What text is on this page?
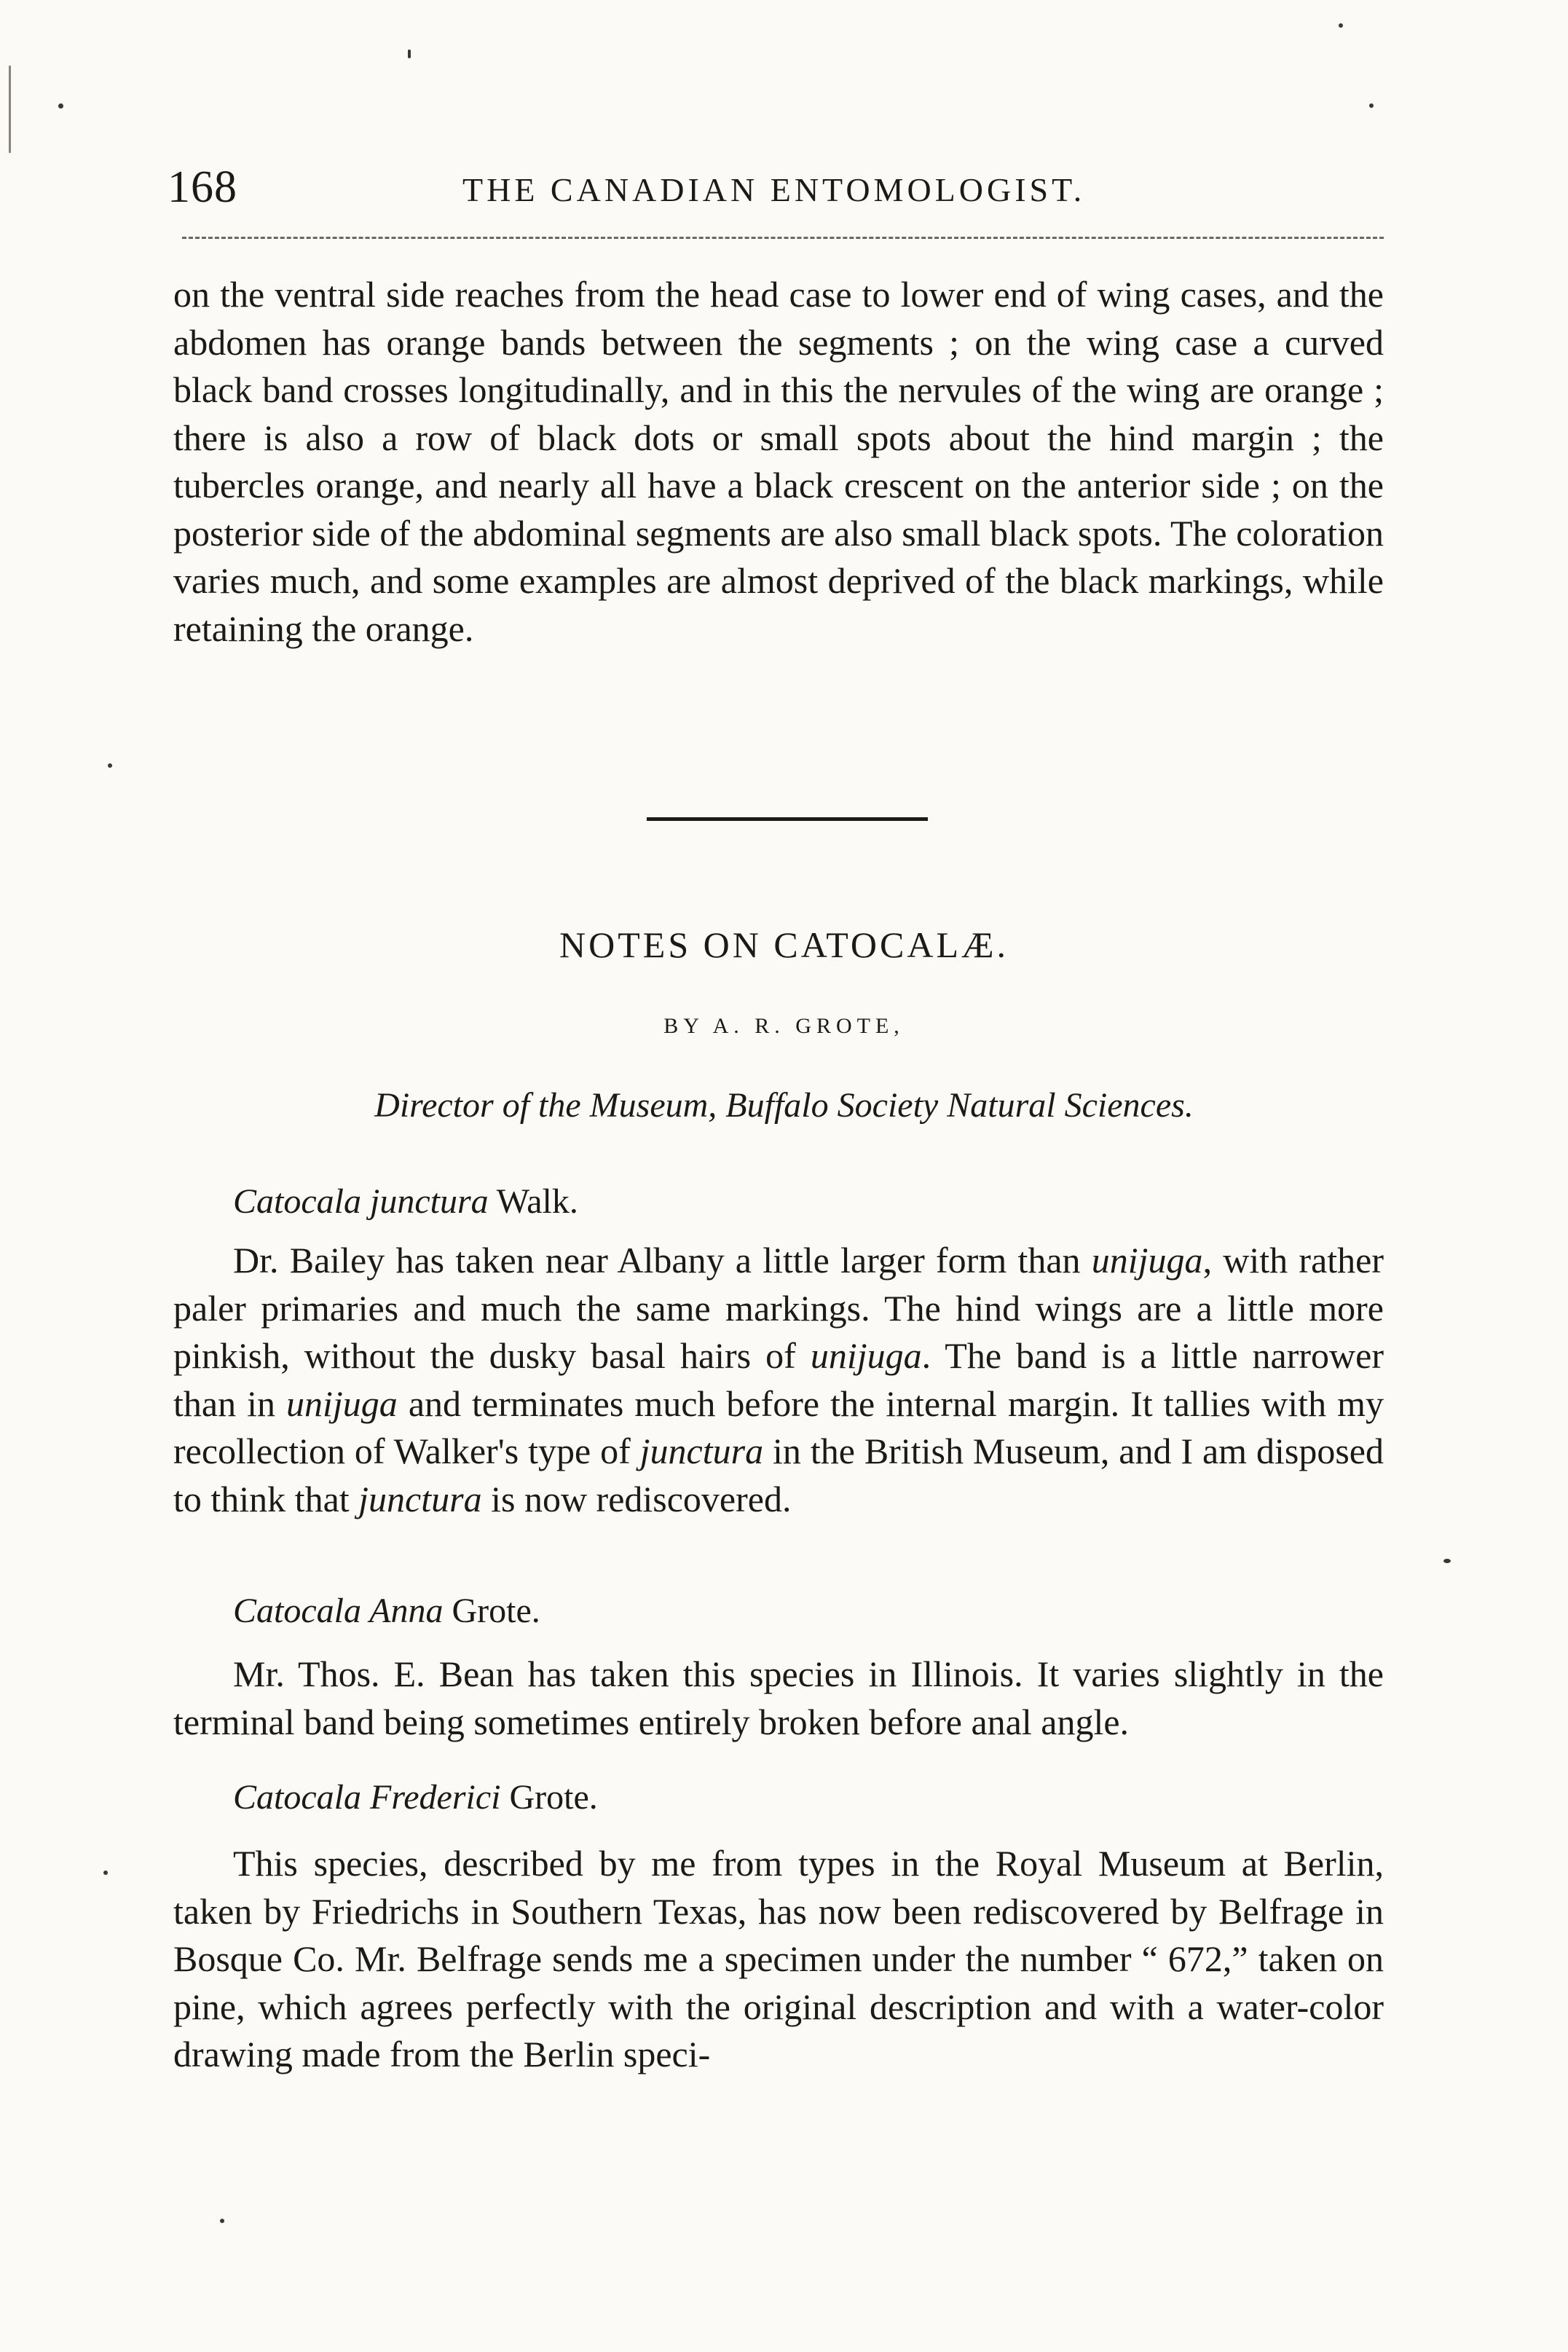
168	THE CANADIAN ENTOMOLOGIST.

on the ventral side reaches from the head case to lower end of wing cases, and the abdomen has orange bands between the segments ; on the wing case a curved black band crosses longitudinally, and in this the nervules of the wing are orange ; there is also a row of black dots or small spots about the hind margin ; the tubercles orange, and nearly all have a black crescent on the anterior side ; on the posterior side of the abdominal segments are also small black spots. The coloration varies much, and some examples are almost deprived of the black markings, while retaining the orange.

NOTES ON CATOCALÆ.
BY A. R. GROTE,
Director of the Museum, Buffalo Society Natural Sciences.
Catocala junctura Walk.

Dr. Bailey has taken near Albany a little larger form than unijuga, with rather paler primaries and much the same markings. The hind wings are a little more pinkish, without the dusky basal hairs of unijuga. The band is a little narrower than in unijuga and terminates much before the internal margin. It tallies with my recollection of Walker's type of junctura in the British Museum, and I am disposed to think that junctura is now rediscovered.

Catocala Anna Grote.

Mr. Thos. E. Bean has taken this species in Illinois. It varies slightly in the terminal band being sometimes entirely broken before anal angle.

Catocala Frederici Grote.

This species, described by me from types in the Royal Museum at Berlin, taken by Friedrichs in Southern Texas, has now been rediscovered by Belfrage in Bosque Co. Mr. Belfrage sends me a specimen under the number “ 672,” taken on pine, which agrees perfectly with the original description and with a water-color drawing made from the Berlin speci-
